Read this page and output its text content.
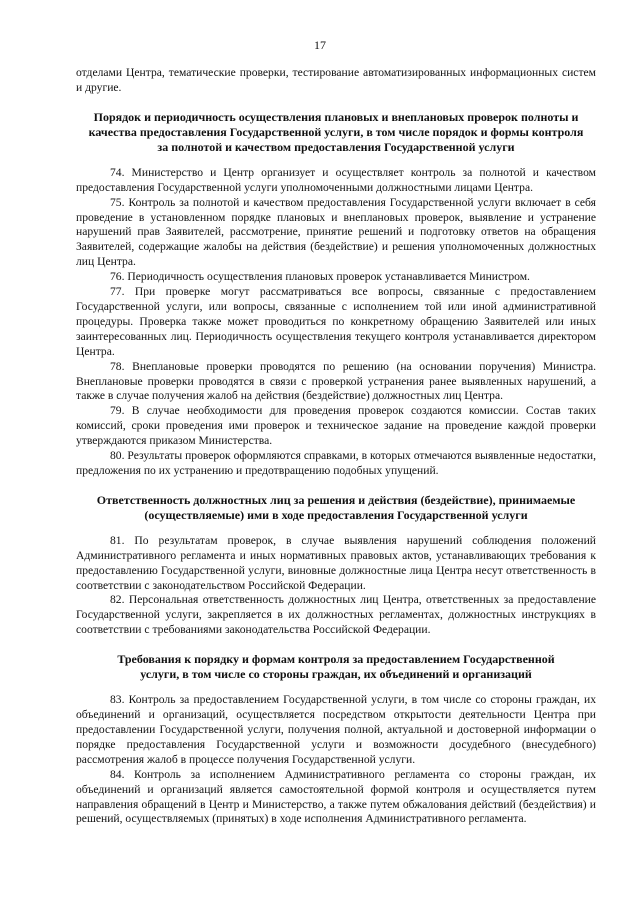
17

отделами Центра, тематические проверки, тестирование автоматизированных информационных систем и другие.

Порядок и периодичность осуществления плановых и внеплановых проверок полноты и качества предоставления Государственной услуги, в том числе порядок и формы контроля за полнотой и качеством предоставления Государственной услуги

74. Министерство и Центр организует и осуществляет контроль за полнотой и качеством предоставления Государственной услуги уполномоченными должностными лицами Центра.

75. Контроль за полнотой и качеством предоставления Государственной услуги включает в себя проведение в установленном порядке плановых и внеплановых проверок, выявление и устранение нарушений прав Заявителей, рассмотрение, принятие решений и подготовку ответов на обращения Заявителей, содержащие жалобы на действия (бездействие) и решения уполномоченных должностных лиц Центра.

76. Периодичность осуществления плановых проверок устанавливается Министром.

77. При проверке могут рассматриваться все вопросы, связанные с предоставлением Государственной услуги, или вопросы, связанные с исполнением той или иной административной процедуры. Проверка также может проводиться по конкретному обращению Заявителей или иных заинтересованных лиц. Периодичность осуществления текущего контроля устанавливается директором Центра.

78. Внеплановые проверки проводятся по решению (на основании поручения) Министра. Внеплановые проверки проводятся в связи с проверкой устранения ранее выявленных нарушений, а также в случае получения жалоб на действия (бездействие) должностных лиц Центра.

79. В случае необходимости для проведения проверок создаются комиссии. Состав таких комиссий, сроки проведения ими проверок и техническое задание на проведение каждой проверки утверждаются приказом Министерства.

80. Результаты проверок оформляются справками, в которых отмечаются выявленные недостатки, предложения по их устранению и предотвращению подобных упущений.

Ответственность должностных лиц за решения и действия (бездействие), принимаемые (осуществляемые) ими в ходе предоставления Государственной услуги

81. По результатам проверок, в случае выявления нарушений соблюдения положений Административного регламента и иных нормативных правовых актов, устанавливающих требования к предоставлению Государственной услуги, виновные должностные лица Центра несут ответственность в соответствии с законодательством Российской Федерации.

82. Персональная ответственность должностных лиц Центра, ответственных за предоставление Государственной услуги, закрепляется в их должностных регламентах, должностных инструкциях в соответствии с требованиями законодательства Российской Федерации.

Требования к порядку и формам контроля за предоставлением Государственной услуги, в том числе со стороны граждан, их объединений и организаций

83. Контроль за предоставлением Государственной услуги, в том числе со стороны граждан, их объединений и организаций, осуществляется посредством открытости деятельности Центра при предоставлении Государственной услуги, получения полной, актуальной и достоверной информации о порядке предоставления Государственной услуги и возможности досудебного (внесудебного) рассмотрения жалоб в процессе получения Государственной услуги.

84. Контроль за исполнением Административного регламента со стороны граждан, их объединений и организаций является самостоятельной формой контроля и осуществляется путем направления обращений в Центр и Министерство, а также путем обжалования действий (бездействия) и решений, осуществляемых (принятых) в ходе исполнения Административного регламента.
